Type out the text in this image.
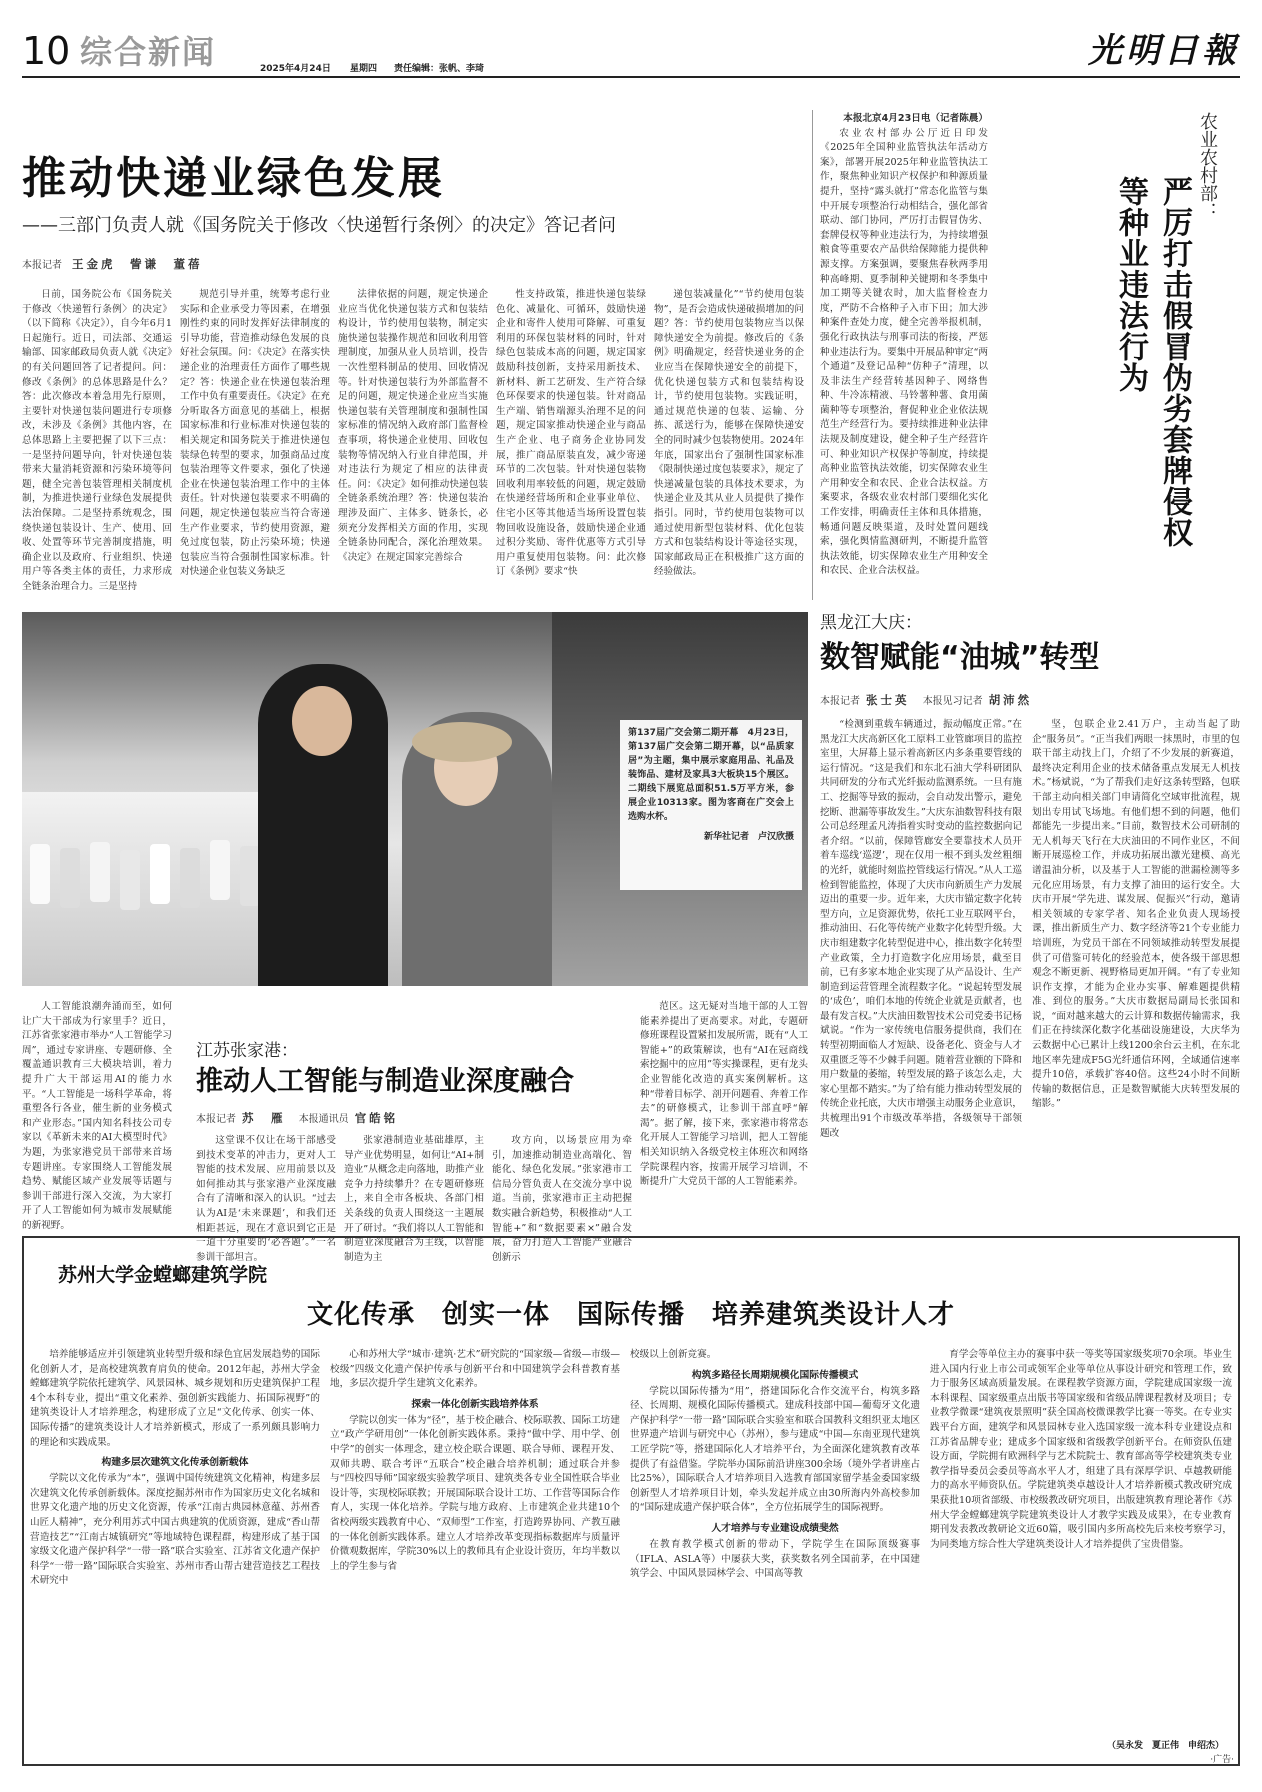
10 综合新闻	2025年4月24日 星期四 责任编辑：张帆、李琦	光明日報
推动快递业绿色发展
——三部门负责人就《国务院关于修改〈快递暂行条例〉的决定》答记者问
本报记者 王金虎　訾谦　董蓓

日前，国务院公布《国务院关于修改〈快递暂行条例〉的决定》（以下简称《决定》），自今年6月1日起施行。近日，司法部、交通运输部、国家邮政局负责人就《决定》的有关问题回答了记者提问。问：修改《条例》的总体思路是什么？答：此次修改本着急用先行原则，主要针对快递包装问题进行专项修改，未涉及《条例》其他内容，在总体思路上主要把握了以下三点：一是坚持问题导向，针对快递包装带来大量消耗资源和污染环境等问题，健全完善包装管理相关制度机制，为推进快递行业绿色发展提供法治保障。二是坚持系统观念，围绕快递包装设计、生产、使用、回收、处置等环节完善制度措施，明确企业以及政府、行业组织、快递用户等各类主体的责任，力求形成全链条治理合力。三是坚持

规范引导并重，统筹考虑行业实际和企业承受力等因素，在增强刚性约束的同时发挥好法律制度的引导功能，营造推动绿色发展的良好社会氛围。问：《决定》在落实快递企业的治理责任方面作了哪些规定？答：快递企业在快递包装治理工作中负有重要责任。《决定》在充分听取各方面意见的基础上，根据国家标准和行业标准对快递包装的相关规定和国务院关于推进快递包装绿色转型的要求，加强商品过度包装治理等文件要求，强化了快递企业在快递包装治理工作中的主体责任。针对快递包装要求不明确的问题，规定快递包装应当符合寄递生产作业要求，节约使用资源，避免过度包装，防止污染环境；快递包装应当符合强制性国家标准。针对快递企业包装义务缺乏

法律依据的问题，规定快递企业应当优化快递包装方式和包装结构设计，节约使用包装物，制定实施快递包装操作规范和回收利用管理制度，加强从业人员培训，投告一次性塑料制品的使用、回收情况等。针对快递包装行为外部监督不足的问题，规定快递企业应当实施快递包装有关管理制度和强制性国家标准的情况纳入政府部门监督检查事项，将快递企业使用、回收包装物等情况纳入行业自律范围，并对违法行为规定了相应的法律责任。问：《决定》如何推动快递包装全链条系统治理？答：快递包装治理涉及面广、主体多、链条长，必须充分发挥相关方面的作用，实现全链条协同配合，深化治理效果。《决定》在规定国家完善综合

性支持政策，推进快递包装绿色化、减量化、可循环，鼓励快递企业和寄件人使用可降解、可重复利用的环保包装材料的同时，针对绿色包装成本高的问题，规定国家鼓励科技创新，支持采用新技术、新材料、新工艺研发、生产符合绿色环保要求的快递包装。针对商品生产端、销售端源头治理不足的问题，规定国家推动快递企业与商品生产企业、电子商务企业协同发展，推广商品原装直发，减少寄递环节的二次包装。针对快递包装物回收利用率较低的问题，规定鼓励在快递经营场所和企业事业单位、住宅小区等其他适当场所设置包装物回收设施设备，鼓励快递企业通过积分奖励、寄件优惠等方式引导用户重复使用包装物。问：此次修订《条例》要求“快

递包装减量化”“节约使用包装物”，是否会造成快递破损增加的问题？答：节约使用包装物应当以保障快递安全为前提。修改后的《条例》明确规定，经营快递业务的企业应当在保障快递安全的前提下，优化快递包装方式和包装结构设计，节约使用包装物。实践证明，通过规范快递的包装、运输、分拣、派送行为，能够在保障快递安全的同时减少包装物使用。2024年年底，国家出台了强制性国家标准《限制快递过度包装要求》，规定了快递减量包装的具体技术要求，为快递企业及其从业人员提供了操作指引。同时，节约使用包装物可以通过使用新型包装材料、优化包装方式和包装结构设计等途径实现，国家邮政局正在积极推广这方面的经验做法。

本报北京4月23日电（记者陈晨）

农业农村部办公厅近日印发《2025年全国种业监管执法年活动方案》，部署开展2025年种业监管执法工作，聚焦种业知识产权保护和种源质量提升，坚持“露头就打”常态化监管与集中开展专项整治行动相结合，强化部省联动、部门协同，严厉打击假冒伪劣、套牌侵权等种业违法行为，为持续增强粮食等重要农产品供给保障能力提供种源支撑。方案强调，要聚焦春秋两季用种高峰期、夏季制种关键期和冬季集中加工期等关键农时，加大监督检查力度，严防不合格种子入市下田；加大涉种案件查处力度，健全完善举报机制，强化行政执法与刑事司法的衔接，严惩种业违法行为。要集中开展品种审定“两个通道”及登记品种“仿种子”清理，以及非法生产经营转基因种子、网络售种、牛冷冻精液、马铃薯种薯、食用菌菌种等专项整治，督促种业企业依法规范生产经营行为。要持续推进种业法律法规及制度建设，健全种子生产经营许可、种业知识产权保护等制度，持续提高种业监管执法效能，切实保障农业生产用种安全和农民、企业合法权益。方案要求，各级农业农村部门要细化实化工作安排，明确责任主体和具体措施，畅通问题反映渠道，及时处置问题线索，强化舆情监测研判，不断提升监管执法效能，切实保障农业生产用种安全和农民、企业合法权益。

农业农村部：
严厉打击假冒伪劣套牌侵权等种业违法行为

第137届广交会第二期开幕　4月23日，第137届广交会第二期开幕，以“品质家居”为主题，集中展示家庭用品、礼品及装饰品、建材及家具3大板块15个展区。二期线下展览总面积51.5万平方米，参展企业10313家。图为客商在广交会上选购水杯。

新华社记者　卢汉欣摄

黑龙江大庆：
数智赋能“油城”转型
本报记者 张士英 本报见习记者 胡沛然

“检测到重载车辆通过，振动幅度正常。”在黑龙江大庆高新区化工原料工业管廊项目的监控室里，大屏幕上显示着高新区内多条重要管线的运行情况。“这是我们和东北石油大学科研团队共同研发的分布式光纤振动监测系统。一旦有施工、挖掘等导致的振动，会自动发出警示，避免挖断、泄漏等事故发生。”大庆东油数智科技有限公司总经理孟凡涛指着实时变动的监控数据向记者介绍。“以前，保障管廊安全要靠技术人员开着车巡线‘巡逻’，现在仅用一根不到头发丝粗细的光纤，就能时刻监控管线运行情况。”从人工巡检到智能监控，体现了大庆市向新质生产力发展迈出的重要一步。近年来，大庆市锚定数字化转型方向，立足资源优势，依托工业互联网平台，推动油田、石化等传统产业数字化转型升级。大庆市组建数字化转型促进中心，推出数字化转型产业政策，全力打造数字化应用场景，截至目前，已有多家本地企业实现了从产品设计、生产制造到运营管理全流程数字化。“说起转型发展的‘成色’，咱们本地的传统企业就是贡献者，也最有发言权。”大庆油田数智技术公司党委书记杨斌说。“作为一家传统电信服务提供商，我们在转型初期面临人才短缺、设备老化、资金与人才双重匮乏等不少棘手问题。随着营业额的下降和用户数量的萎缩，转型发展的路子该怎么走，大家心里都不踏实。”为了给有能力推动转型发展的传统企业托底，大庆市增强主动服务企业意识，共梳理出91个市级改革举措，各级领导干部领题改

坚，包联企业2.41万户，主动当起了助企“服务员”。“正当我们两眼一抹黑时，市里的包联干部主动找上门，介绍了不少发展的新赛道，最终决定利用企业的技术储备重点发展无人机技术。”杨斌说，“为了帮我们走好这条转型路，包联干部主动向相关部门申请简化空域审批流程，规划出专用试飞场地。有他们想不到的问题，他们都能先一步提出来。”目前，数智技术公司研制的无人机每天飞行在大庆油田的不同作业区，不间断开展巡检工作，并成功拓展出激光建模、高光谱温油分析，以及基于人工智能的泄漏检测等多元化应用场景，有力支撑了油田的运行安全。大庆市开展“学先进、谋发展、促振兴”行动，邀请相关领域的专家学者、知名企业负责人现场授课，推出新质生产力、数字经济等21个专业能力培训班，为党员干部在不同领域推动转型发展提供了可借鉴可转化的经验范本，使各级干部思想观念不断更新、视野格局更加开阔。“有了专业知识作支撑，才能为企业办实事、解难题提供精准、到位的服务。”大庆市数据局副局长张国和说，“面对越来越大的云计算和数据传输需求，我们正在持续深化数字化基础设施建设，大庆华为云数据中心已累计上线1200余台云主机，在东北地区率先建成F5G光纤通信环网，全域通信速率提升10倍，承载扩容40倍。这些24小时不间断传输的数据信息，正是数智赋能大庆转型发展的缩影。”

人工智能浪潮奔涌而至，如何让广大干部成为行家里手？近日，江苏省张家港市举办“人工智能学习周”，通过专家讲座、专题研修、全覆盖通识教育三大模块培训，着力提升广大干部运用AI的能力水平。“人工智能是一场科学革命，将重塑各行各业，催生新的业务模式和产业形态。”国内知名科技公司专家以《革新未来的AI大模型时代》为题，为张家港党员干部带来首场专题讲座。专家围绕人工智能发展趋势、赋能区域产业发展等话题与参训干部进行深入交流，为大家打开了人工智能如何为城市发展赋能的新视野。

江苏张家港：
推动人工智能与制造业深度融合
本报记者 苏　雁 本报通讯员 官皓铭

这堂课不仅让在场干部感受到技术变革的冲击力，更对人工智能的技术发展、应用前景以及如何推动其与张家港产业深度融合有了清晰和深入的认识。“过去认为AI是‘未来课题’，和我们还相距甚远，现在才意识到它正是一道十分重要的‘必答题’。”一名参训干部坦言。

张家港制造业基础雄厚，主导产业优势明显，如何让“AI+制造业”从概念走向落地，助推产业竞争力持续攀升？在专题研修班上，来自全市各板块、各部门相关条线的负责人围绕这一主题展开了研讨。“我们将以人工智能和制造业深度融合为主线，以智能制造为主

攻方向，以场景应用为牵引，加速推动制造业高端化、智能化、绿色化发展。”张家港市工信局分管负责人在交流分享中说道。当前，张家港市正主动把握数实融合新趋势，积极推动“人工智能+”和“数据要素×”融合发展，奋力打造人工智能产业融合创新示

范区。这无疑对当地干部的人工智能素养提出了更高要求。对此，专题研修班课程设置紧扣发展所需，既有“人工智能+”的政策解读，也有“AI在冠商线索挖掘中的应用”等实操课程，更有龙头企业智能化改造的真实案例解析。这种“带着目标学、剖开问题看、奔着工作去”的研修模式，让参训干部直呼“解渴”。据了解，接下来，张家港市将常态化开展人工智能学习培训，把人工智能相关知识纳入各级党校主体班次和网络学院课程内容，按需开展学习培训，不断提升广大党员干部的人工智能素养。

苏州大学金螳螂建筑学院
文化传承　创实一体　国际传播　培养建筑类设计人才

培养能够适应并引领建筑业转型升级和绿色宜居发展趋势的国际化创新人才，是高校建筑教育肩负的使命。2012年起，苏州大学金螳螂建筑学院依托建筑学、风景园林、城乡规划和历史建筑保护工程4个本科专业，提出“重文化素养、强创新实践能力、拓国际视野”的建筑类设计人才培养理念，构建形成了立足“文化传承、创实一体、国际传播”的建筑类设计人才培养新模式，形成了一系列颇具影响力的理论和实践成果。

构建多层次建筑文化传承创新载体

学院以文化传承为“本”，强调中国传统建筑文化精神，构建多层次建筑文化传承创新载体。深度挖掘苏州市作为国家历史文化名城和世界文化遗产地的历史文化资源，传承“江南古典园林意蕴、苏州香山匠人精神”，充分利用苏式中国古典建筑的优质资源，建成“香山帮营造技艺”“江南古城镇研究”等地域特色课程群，构建形成了基于国家级文化遗产保护科学“一带一路”联合实验室、江苏省文化遗产保护科学“一带一路”国际联合实验室、苏州市香山帮古建营造技艺工程技术研究中

心和苏州大学“城市·建筑·艺术”研究院的“国家级—省级—市级—校级”四级文化遗产保护传承与创新平台和中国建筑学会科普教育基地，多层次提升学生建筑文化素养。

探索一体化创新实践培养体系

学院以创实一体为“径”，基于校企融合、校际联教、国际工坊建立“政产学研用创”一体化创新实践体系。秉持“做中学、用中学、创中学”的创实一体理念，建立校企联合课题、联合导师、课程开发、双师共聘、联合考评“五联合”校企融合培养机制；通过联合并参与“四校四导师”国家级实验教学项目、建筑类各专业全国性联合毕业设计等，实现校际联教；开展国际联合设计工坊、工作营等国际合作育人，实现一体化培养。学院与地方政府、上市建筑企业共建10个省校两级实践教育中心、“双师型”工作室，打造跨界协同、产教互融的一体化创新实践体系。建立人才培养改革变现指标数据库与质量评价微观数据库，学院30%以上的教师具有企业设计资历，年均半数以上的学生参与省

校级以上创新竞赛。

构筑多路径长周期规模化国际传播模式

学院以国际传播为“用”，搭建国际化合作交流平台，构筑多路径、长周期、规模化国际传播模式。建成科技部中国—葡萄牙文化遗产保护科学“一带一路”国际联合实验室和联合国教科文组织亚太地区世界遗产培训与研究中心（苏州），参与建成“中国—东南亚现代建筑工匠学院”等，搭建国际化人才培养平台，为全面深化建筑教育改革提供了有益借鉴。学院举办国际前沿讲座300余场（境外学者讲座占比25%），国际联合人才培养项目入选教育部国家留学基金委国家级创新型人才培养项目计划，牵头发起并成立由30所海内外高校参加的“国际建成遗产保护联合体”，全方位拓展学生的国际视野。

人才培养与专业建设成绩斐然

在教育教学模式创新的带动下，学院学生在国际顶级赛事（IFLA、ASLA等）中屡获大奖，获奖数名列全国前茅，在中国建筑学会、中国风景园林学会、中国高等教

育学会等单位主办的赛事中获一等奖等国家级奖项70余项。毕业生进入国内行业上市公司或领军企业等单位从事设计研究和管理工作，致力于服务区域高质量发展。在课程教学资源方面，学院建成国家级一流本科课程、国家级重点出版书等国家级和省级品牌课程教材及项目；专业教学微课“建筑夜景照明”获全国高校微课教学比赛一等奖。在专业实践平台方面，建筑学和风景园林专业入选国家级一流本科专业建设点和江苏省品牌专业；建成多个国家级和省级教学创新平台。在师资队伍建设方面，学院拥有欧洲科学与艺术院院士、教育部高等学校建筑类专业教学指导委员会委员等高水平人才，组建了具有深厚学识、卓越教研能力的高水平师资队伍。学院建筑类卓越设计人才培养新模式教改研究成果获批10项省部级、市校级教改研究项目，出版建筑教育理论著作《苏州大学金螳螂建筑学院建筑类设计人才教学实践及成果》，在专业教育期刊发表教改教研论文近60篇，吸引国内多所高校先后来校考察学习，为同类地方综合性大学建筑类设计人才培养提供了宝贵借鉴。

（吴永发　夏正伟　申绍杰）
·广告·
